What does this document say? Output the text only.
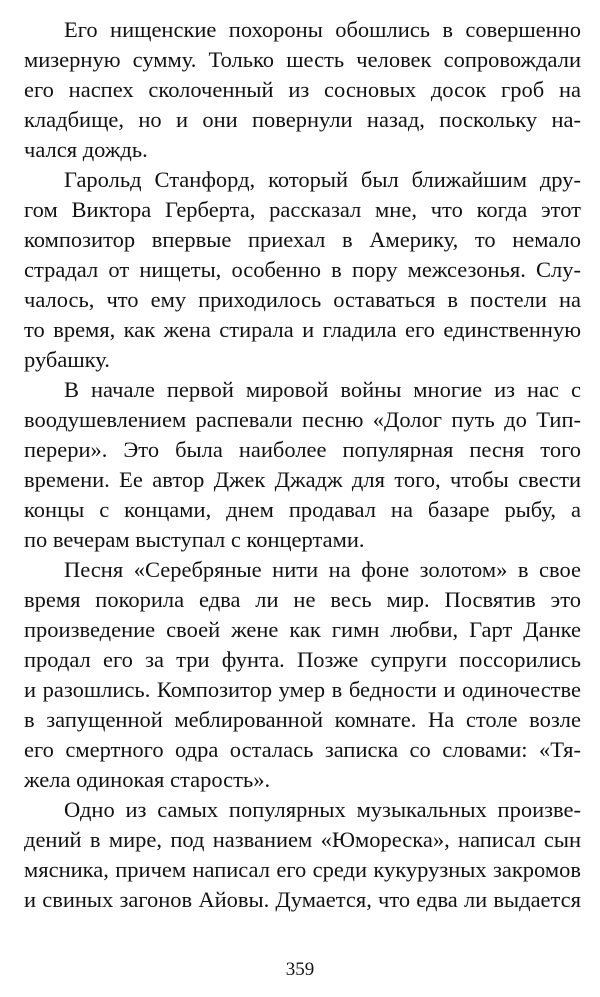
Его нищенские похороны обошлись в совершенно
мизерную сумму. Только шесть человек сопровождали
его наспех сколоченный из сосновых досок гроб на
кладбище, но и они повернули назад, поскольку на-
чался дождь.
Гарольд Станфорд, который был ближайшим дру-
гом Виктора Герберта, рассказал мне, что когда этот
композитор впервые приехал в Америку, то немало
страдал от нищеты, особенно в пору межсезонья. Слу-
чалось, что ему приходилось оставаться в постели на
то время, как жена стирала и гладила его единственную
рубашку.
В начале первой мировой войны многие из нас с
воодушевлением распевали песню «Долог путь до Тип-
перери». Это была наиболее популярная песня того
времени. Ее автор Джек Джадж для того, чтобы свести
концы с концами, днем продавал на базаре рыбу, а
по вечерам выступал с концертами.
Песня «Серебряные нити на фоне золотом» в свое
время покорила едва ли не весь мир. Посвятив это
произведение своей жене как гимн любви, Гарт Данке
продал его за три фунта. Позже супруги поссорились
и разошлись. Композитор умер в бедности и одиночестве
в запущенной меблированной комнате. На столе возле
его смертного одра осталась записка со словами: «Тя-
жела одинокая старость».
Одно из самых популярных музыкальных произве-
дений в мире, под названием «Юмореска», написал сын
мясника, причем написал его среди кукурузных закромов
и свиных загонов Айовы. Думается, что едва ли выдается
359
